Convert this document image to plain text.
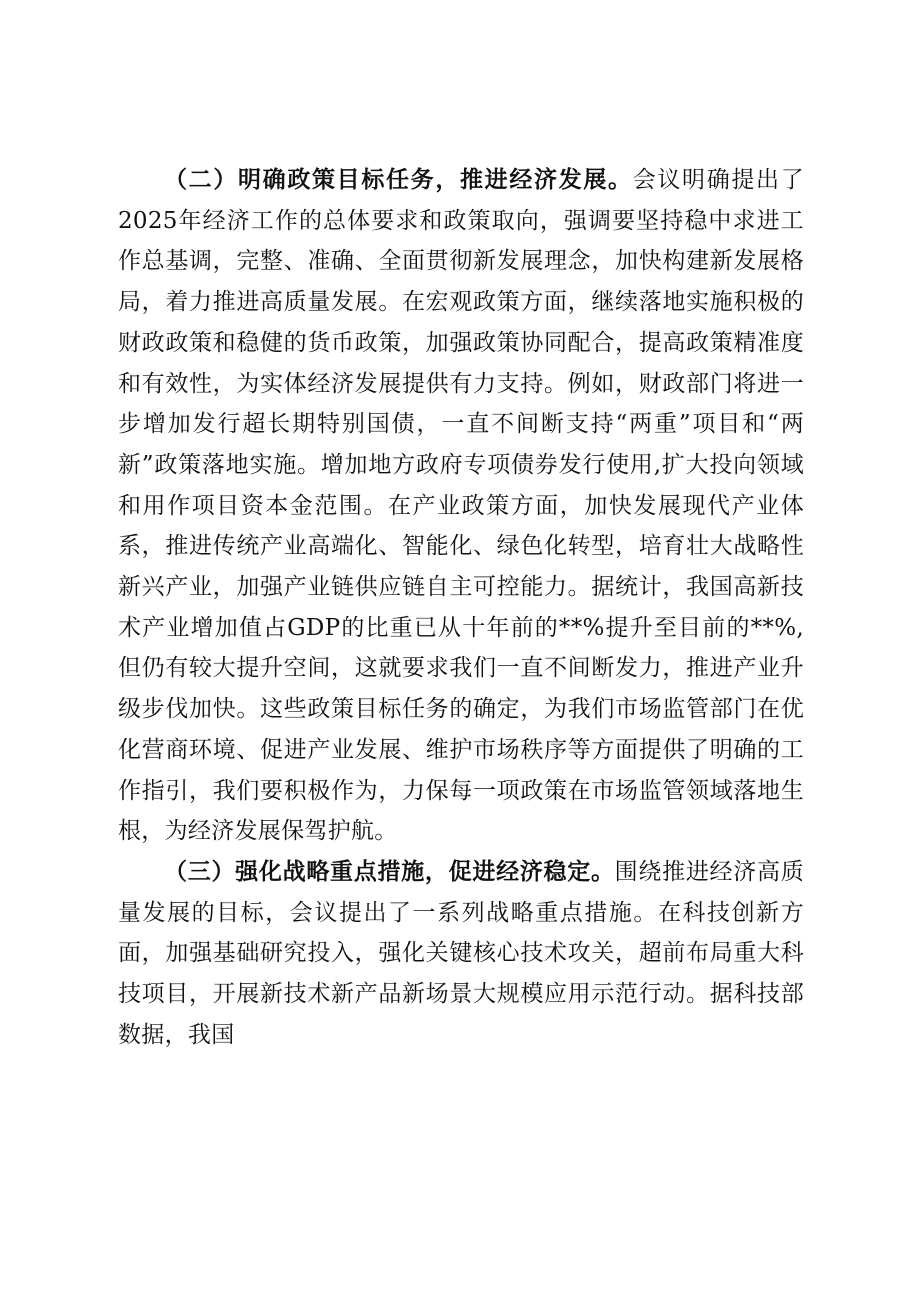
（二）明确政策目标任务，推进经济发展。会议明确提出了2025年经济工作的总体要求和政策取向，强调要坚持稳中求进工作总基调，完整、准确、全面贯彻新发展理念，加快构建新发展格局，着力推进高质量发展。在宏观政策方面，继续落地实施积极的财政政策和稳健的货币政策，加强政策协同配合，提高政策精准度和有效性，为实体经济发展提供有力支持。例如，财政部门将进一步增加发行超长期特别国债，一直不间断支持“两重”项目和“两新”政策落地实施。增加地方政府专项债券发行使用,扩大投向领域和用作项目资本金范围。在产业政策方面，加快发展现代产业体系，推进传统产业高端化、智能化、绿色化转型，培育壮大战略性新兴产业，加强产业链供应链自主可控能力。据统计，我国高新技术产业增加值占GDP的比重已从十年前的**%提升至目前的**%,但仍有较大提升空间，这就要求我们一直不间断发力，推进产业升级步伐加快。这些政策目标任务的确定，为我们市场监管部门在优化营商环境、促进产业发展、维护市场秩序等方面提供了明确的工作指引，我们要积极作为，力保每一项政策在市场监管领域落地生根，为经济发展保驾护航。

（三）强化战略重点措施，促进经济稳定。围绕推进经济高质量发展的目标，会议提出了一系列战略重点措施。在科技创新方面，加强基础研究投入，强化关键核心技术攻关，超前布局重大科技项目，开展新技术新产品新场景大规模应用示范行动。据科技部数据，我国
